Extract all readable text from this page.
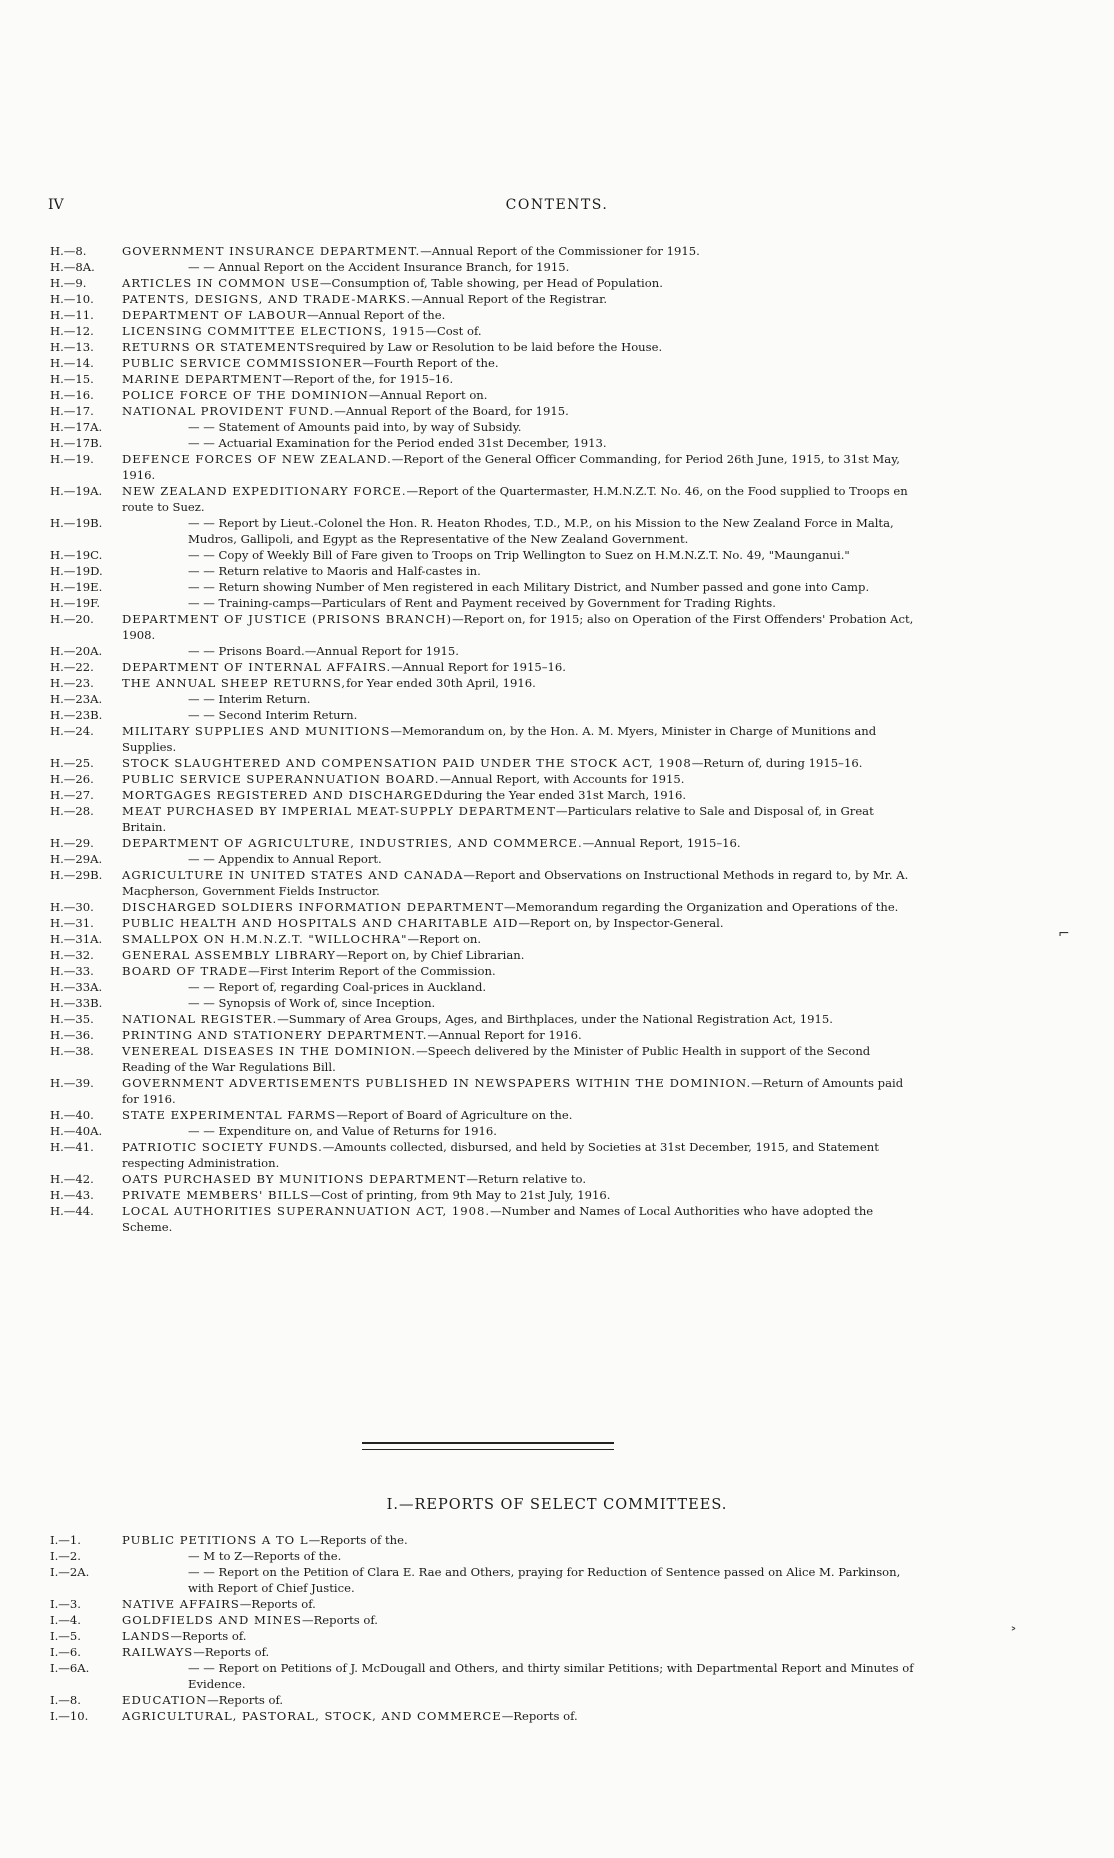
IV	CONTENTS.
H.—8.	GOVERNMENT INSURANCE DEPARTMENT.—Annual Report of the Commissioner for 1915.
H.—8A.	— — Annual Report on the Accident Insurance Branch, for 1915.
H.—9.	ARTICLES IN COMMON USE—Consumption of, Table showing, per Head of Population.
H.—10. PATENTS, DESIGNS, AND TRADE-MARKS.—Annual Report of the Registrar.
H.—11. DEPARTMENT OF LABOUR—Annual Report of the.
H.—12. LICENSING COMMITTEE ELECTIONS, 1915—Cost of.
H.—13. RETURNS OR STATEMENTSrequired by Law or Resolution to be laid before the House.
H.—14. PUBLIC SERVICE COMMISSIONER—Fourth Report of the.
H.—15. MARINE DEPARTMENT—Report of the, for 1915–16.
H.—16. POLICE FORCE OF THE DOMINION—Annual Report on.
H.—17. NATIONAL PROVIDENT FUND.—Annual Report of the Board, for 1915.
H.—17A.	— — Statement of Amounts paid into, by way of Subsidy.
H.—17B.	— — Actuarial Examination for the Period ended 31st December, 1913.
H.—19. DEFENCE FORCES OF NEW ZEALAND.—Report of the General Officer Commanding, for Period 26th June, 1915, to 31st May, 1916.
H.—19A. NEW ZEALAND EXPEDITIONARY FORCE.—Report of the Quartermaster, H.M.N.Z.T. No. 46, on the Food supplied to Troops en route to Suez.
H.—19B.	— — Report by Lieut.-Colonel the Hon. R. Heaton Rhodes, T.D., M.P., on his Mission to the New Zealand Force in Malta, Mudros, Gallipoli, and Egypt as the Representative of the New Zealand Government.
H.—19C.	— — Copy of Weekly Bill of Fare given to Troops on Trip Wellington to Suez on H.M.N.Z.T. No. 49, "Maunganui."
H.—19D.	— — Return relative to Maoris and Half-castes in.
H.—19E.	— — Return showing Number of Men registered in each Military District, and Number passed and gone into Camp.
H.—19F.	— — Training-camps—Particulars of Rent and Payment received by Government for Trading Rights.
H.—20. DEPARTMENT OF JUSTICE (PRISONS BRANCH)—Report on, for 1915; also on Operation of the First Offenders' Probation Act, 1908.
H.—20A.	— — Prisons Board.—Annual Report for 1915.
H.—22. DEPARTMENT OF INTERNAL AFFAIRS.—Annual Report for 1915–16.
H.—23. THE ANNUAL SHEEP RETURNS,for Year ended 30th April, 1916.
H.—23A.	— — Interim Return.
H.—23B.	— — Second Interim Return.
H.—24. MILITARY SUPPLIES AND MUNITIONS—Memorandum on, by the Hon. A. M. Myers, Minister in Charge of Munitions and Supplies.
H.—25. STOCK SLAUGHTERED AND COMPENSATION PAID UNDER THE STOCK ACT, 1908—Return of, during 1915–16.
H.—26. PUBLIC SERVICE SUPERANNUATION BOARD.—Annual Report, with Accounts for 1915.
H.—27. MORTGAGES REGISTERED AND DISCHARGEDduring the Year ended 31st March, 1916.
H.—28. MEAT PURCHASED BY IMPERIAL MEAT-SUPPLY DEPARTMENT—Particulars relative to Sale and Disposal of, in Great Britain.
H.—29. DEPARTMENT OF AGRICULTURE, INDUSTRIES, AND COMMERCE.—Annual Report, 1915–16.
H.—29A.	— — Appendix to Annual Report.
H.—29B. AGRICULTURE IN UNITED STATES AND CANADA—Report and Observations on Instructional Methods in regard to, by Mr. A. Macpherson, Government Fields Instructor.
H.—30. DISCHARGED SOLDIERS INFORMATION DEPARTMENT—Memorandum regarding the Organization and Operations of the.
H.—31. PUBLIC HEALTH AND HOSPITALS AND CHARITABLE AID—Report on, by Inspector-General.
H.—31A. SMALLPOX ON H.M.N.Z.T. "WILLOCHRA"—Report on.
H.—32. GENERAL ASSEMBLY LIBRARY—Report on, by Chief Librarian.
H.—33. BOARD OF TRADE—First Interim Report of the Commission.
H.—33A.	— — Report of, regarding Coal-prices in Auckland.
H.—33B.	— — Synopsis of Work of, since Inception.
H.—35. NATIONAL REGISTER.—Summary of Area Groups, Ages, and Birthplaces, under the National Registration Act, 1915.
H.—36. PRINTING AND STATIONERY DEPARTMENT.—Annual Report for 1916.
H.—38. VENEREAL DISEASES IN THE DOMINION.—Speech delivered by the Minister of Public Health in support of the Second Reading of the War Regulations Bill.
H.—39. GOVERNMENT ADVERTISEMENTS PUBLISHED IN NEWSPAPERS WITHIN THE DOMINION.—Return of Amounts paid for 1916.
H.—40. STATE EXPERIMENTAL FARMS—Report of Board of Agriculture on the.
H.—40A.	— — Expenditure on, and Value of Returns for 1916.
H.—41. PATRIOTIC SOCIETY FUNDS.—Amounts collected, disbursed, and held by Societies at 31st December, 1915, and Statement respecting Administration.
H.—42. OATS PURCHASED BY MUNITIONS DEPARTMENT—Return relative to.
H.—43. PRIVATE MEMBERS' BILLS—Cost of printing, from 9th May to 21st July, 1916.
H.—44. LOCAL AUTHORITIES SUPERANNUATION ACT, 1908.—Number and Names of Local Authorities who have adopted the Scheme.
I.—REPORTS OF SELECT COMMITTEES.
I.—1.	PUBLIC PETITIONS A TO L—Reports of the.
I.—2.	— M to Z—Reports of the.
I.—2A.	— — Report on the Petition of Clara E. Rae and Others, praying for Reduction of Sentence passed on Alice M. Parkinson, with Report of Chief Justice.
I.—3.	NATIVE AFFAIRS—Reports of.
I.—4.	GOLDFIELDS AND MINES—Reports of.
I.—5.	LANDS—Reports of.
I.—6.	RAILWAYS—Reports of.
I.—6A.	— — Report on Petitions of J. McDougall and Others, and thirty similar Petitions; with Departmental Report and Minutes of Evidence.
I.—8.	EDUCATION—Reports of.
I.—10.	AGRICULTURAL, PASTORAL, STOCK, AND COMMERCE—Reports of.
⌐
˃
